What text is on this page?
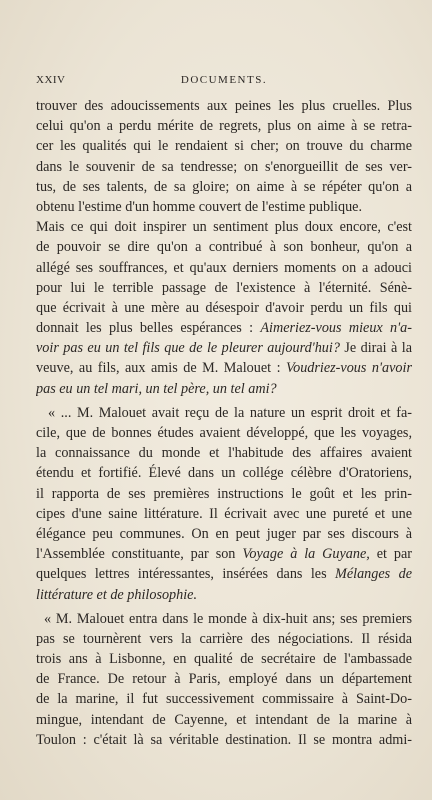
XXIV	DOCUMENTS.
trouver des adoucissements aux peines les plus cruelles. Plus
celui qu'on a perdu mérite de regrets, plus on aime à se retra-
cer les qualités qui le rendaient si cher; on trouve du charme
dans le souvenir de sa tendresse; on s'enorgueillit de ses ver-
tus, de ses talents, de sa gloire; on aime à se répéter qu'on a
obtenu l'estime d'un homme couvert de l'estime publique.
Mais ce qui doit inspirer un sentiment plus doux encore, c'est
de pouvoir se dire qu'on a contribué à son bonheur, qu'on a
allégé ses souffrances, et qu'aux derniers moments on a adouci
pour lui le terrible passage de l'existence à l'éternité. Sénè-
que écrivait à une mère au désespoir d'avoir perdu un fils qui
donnait les plus belles espérances : Aimeriez-vous mieux n'a-
voir pas eu un tel fils que de le pleurer aujourd'hui? Je dirai à la
veuve, au fils, aux amis de M. Malouet : Voudriez-vous n'avoir
pas eu un tel mari, un tel père, un tel ami?
« ... M. Malouet avait reçu de la nature un esprit droit et fa-
cile, que de bonnes études avaient développé, que les voyages,
la connaissance du monde et l'habitude des affaires avaient
étendu et fortifié. Élevé dans un collége célèbre d'Oratoriens,
il rapporta de ses premières instructions le goût et les prin-
cipes d'une saine littérature. Il écrivait avec une pureté et une
élégance peu communes. On en peut juger par ses discours à
l'Assemblée constituante, par son Voyage à la Guyane, et par
quelques lettres intéressantes, insérées dans les Mélanges de
littérature et de philosophie.
« M. Malouet entra dans le monde à dix-huit ans; ses premiers
pas se tournèrent vers la carrière des négociations. Il résida
trois ans à Lisbonne, en qualité de secrétaire de l'ambassade
de France. De retour à Paris, employé dans un département
de la marine, il fut successivement commissaire à Saint-Do-
mingue, intendant de Cayenne, et intendant de la marine à
Toulon : c'était là sa véritable destination. Il se montra admi-
